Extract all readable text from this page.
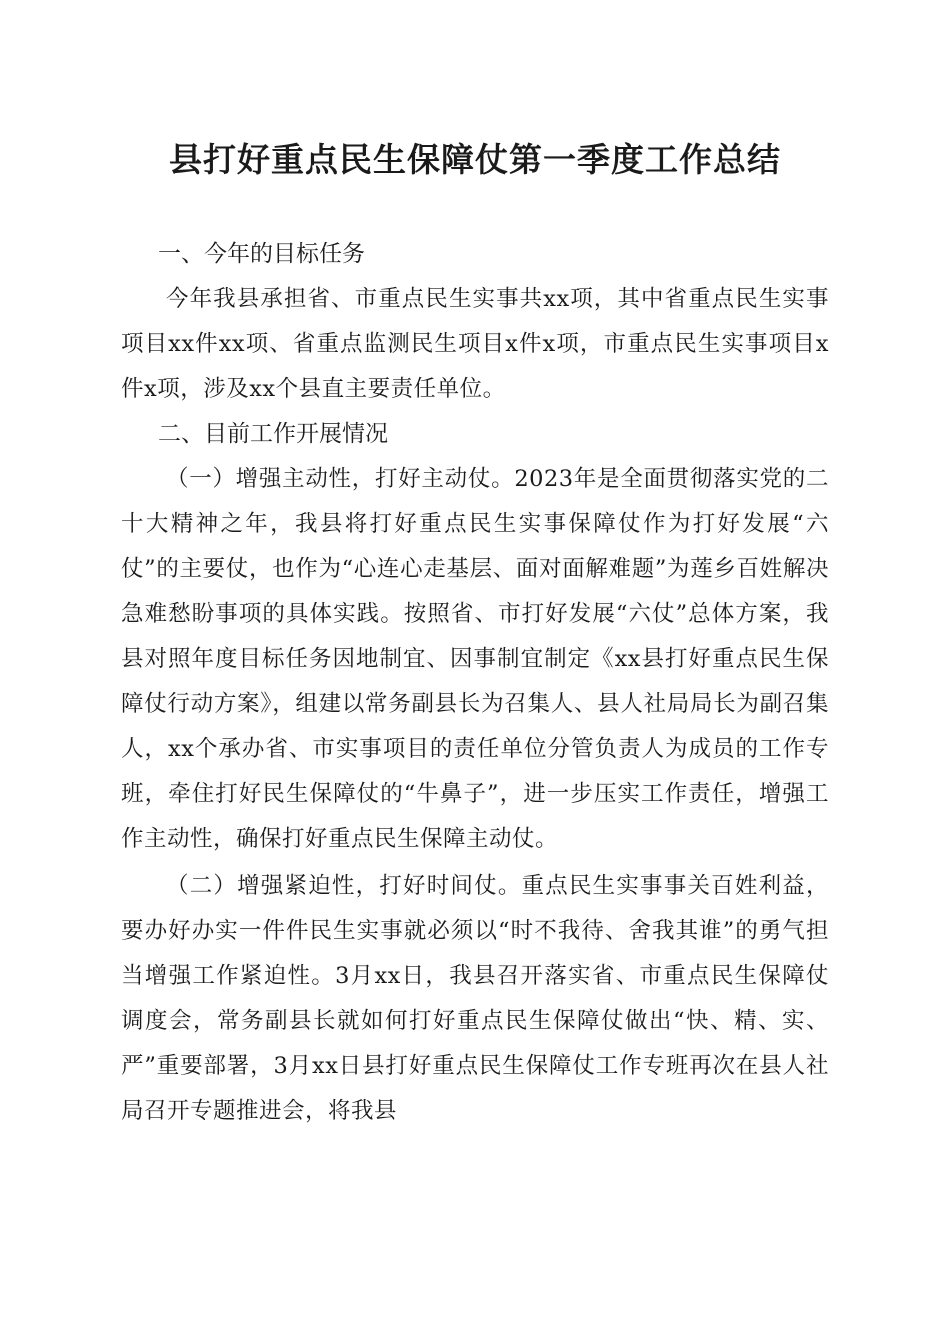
县打好重点民生保障仗第一季度工作总结
一、今年的目标任务

今年我县承担省、市重点民生实事共xx项，其中省重点民生实事项目xx件xx项、省重点监测民生项目x件x项，市重点民生实事项目x件x项，涉及xx个县直主要责任单位。

二、目前工作开展情况

（一）增强主动性，打好主动仗。2023年是全面贯彻落实党的二十大精神之年，我县将打好重点民生实事保障仗作为打好发展“六仗”的主要仗，也作为“心连心走基层、面对面解难题”为莲乡百姓解决急难愁盼事项的具体实践。按照省、市打好发展“六仗”总体方案，我县对照年度目标任务因地制宜、因事制宜制定《xx县打好重点民生保障仗行动方案》，组建以常务副县长为召集人、县人社局局长为副召集人，xx个承办省、市实事项目的责任单位分管负责人为成员的工作专班，牵住打好民生保障仗的“牛鼻子”，进一步压实工作责任，增强工作主动性，确保打好重点民生保障主动仗。

（二）增强紧迫性，打好时间仗。重点民生实事事关百姓利益，要办好办实一件件民生实事就必须以“时不我待、舍我其谁”的勇气担当增强工作紧迫性。3月xx日，我县召开落实省、市重点民生保障仗调度会，常务副县长就如何打好重点民生保障仗做出“快、精、实、严”重要部署，3月xx日县打好重点民生保障仗工作专班再次在县人社局召开专题推进会，将我县
